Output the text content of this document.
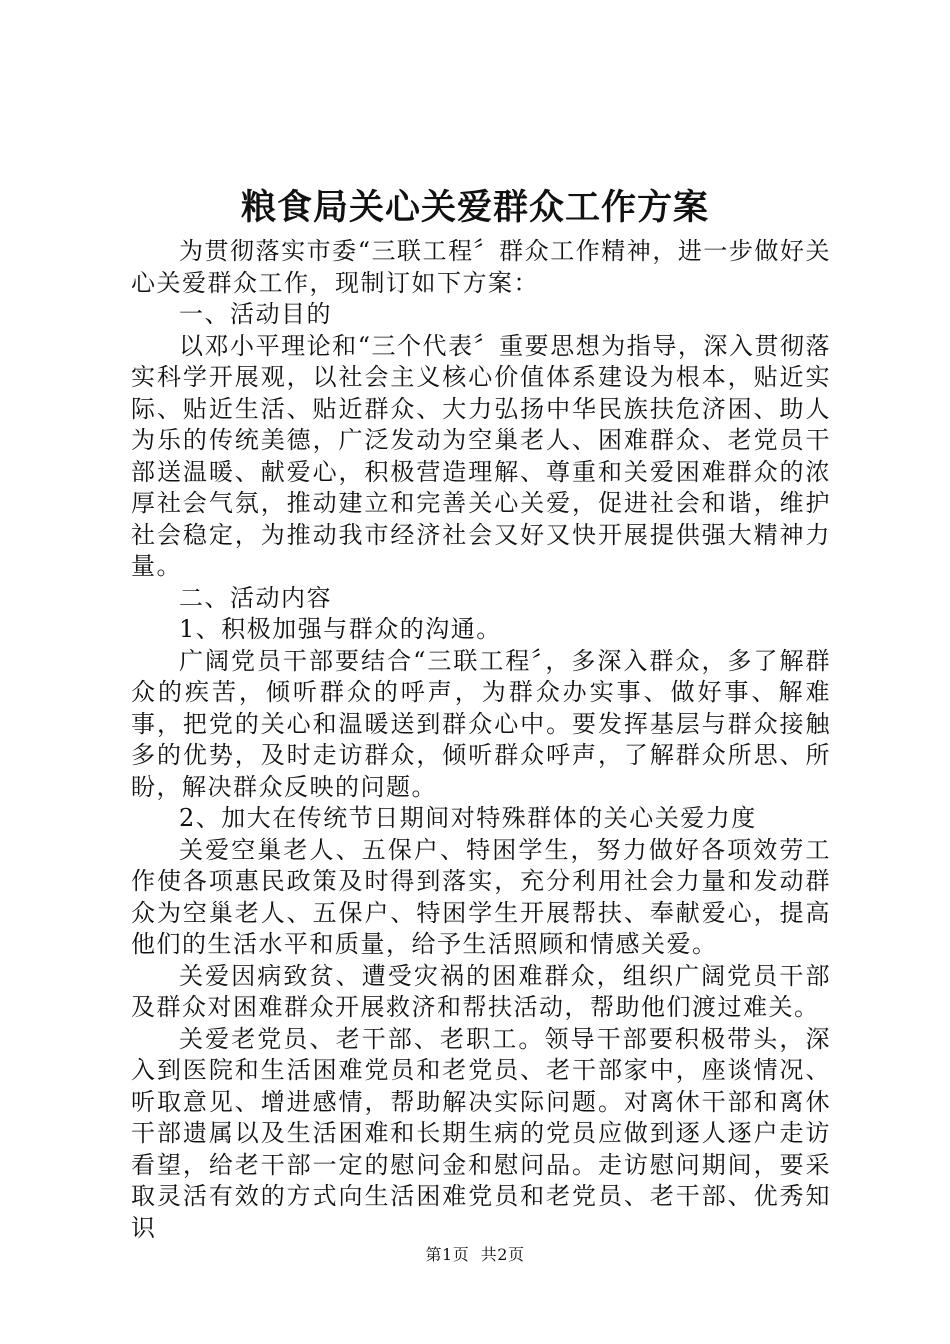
粮食局关心关爱群众工作方案

为贯彻落实市委“三联工程〞群众工作精神，进一步做好关心关爱群众工作，现制订如下方案：

一、活动目的

以邓小平理论和“三个代表〞重要思想为指导，深入贯彻落实科学开展观，以社会主义核心价值体系建设为根本，贴近实际、贴近生活、贴近群众、大力弘扬中华民族扶危济困、助人为乐的传统美德，广泛发动为空巢老人、困难群众、老党员干部送温暖、献爱心，积极营造理解、尊重和关爱困难群众的浓厚社会气氛，推动建立和完善关心关爱，促进社会和谐，维护社会稳定，为推动我市经济社会又好又快开展提供强大精神力量。

二、活动内容

1、积极加强与群众的沟通。

广阔党员干部要结合“三联工程〞，多深入群众，多了解群众的疾苦，倾听群众的呼声，为群众办实事、做好事、解难事，把党的关心和温暖送到群众心中。要发挥基层与群众接触多的优势，及时走访群众，倾听群众呼声，了解群众所思、所盼，解决群众反映的问题。

2、加大在传统节日期间对特殊群体的关心关爱力度

关爱空巢老人、五保户、特困学生，努力做好各项效劳工作使各项惠民政策及时得到落实，充分利用社会力量和发动群众为空巢老人、五保户、特困学生开展帮扶、奉献爱心，提高他们的生活水平和质量，给予生活照顾和情感关爱。

关爱因病致贫、遭受灾祸的困难群众，组织广阔党员干部及群众对困难群众开展救济和帮扶活动，帮助他们渡过难关。

关爱老党员、老干部、老职工。领导干部要积极带头，深入到医院和生活困难党员和老党员、老干部家中，座谈情况、听取意见、增进感情，帮助解决实际问题。对离休干部和离休干部遗属以及生活困难和长期生病的党员应做到逐人逐户走访看望，给老干部一定的慰问金和慰问品。走访慰问期间，要采取灵活有效的方式向生活困难党员和老党员、老干部、优秀知识

第1页 共2页
